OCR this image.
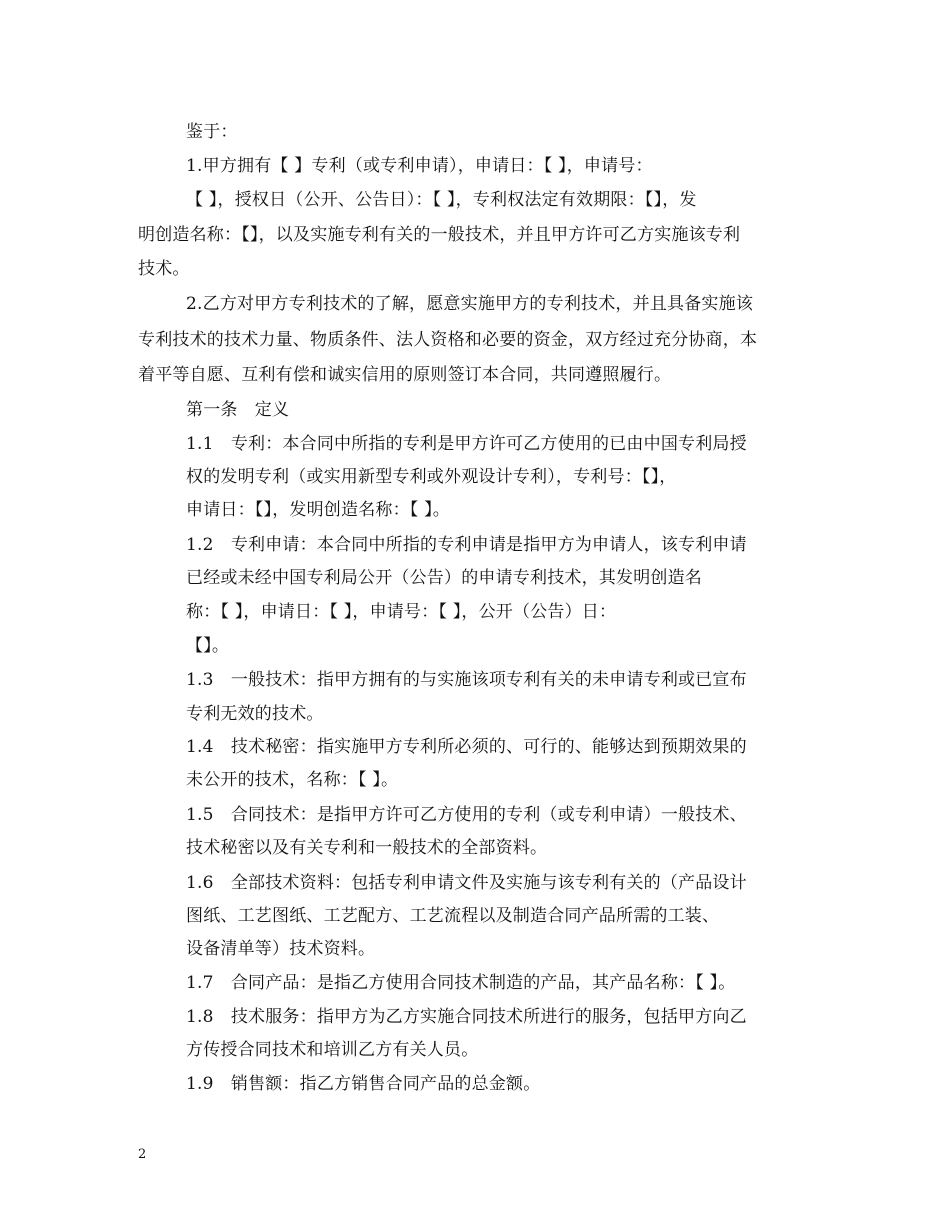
鉴于：
1.甲方拥有【 】专利（或专利申请），申请日：【 】，申请号：
【 】，授权日（公开、公告日）：【 】，专利权法定有效期限：【】，发
明创造名称：【】，以及实施专利有关的一般技术，并且甲方许可乙方实施该专利
技术。
2.乙方对甲方专利技术的了解，愿意实施甲方的专利技术，并且具备实施该
专利技术的技术力量、物质条件、法人资格和必要的资金，双方经过充分协商，本
着平等自愿、互利有偿和诚实信用的原则签订本合同，共同遵照履行。
第一条　定义
1.1　专利：本合同中所指的专利是甲方许可乙方使用的已由中国专利局授
权的发明专利（或实用新型专利或外观设计专利），专利号：【】，
申请日：【】，发明创造名称：【 】。
1.2　专利申请：本合同中所指的专利申请是指甲方为申请人，该专利申请
已经或未经中国专利局公开（公告）的申请专利技术，其发明创造名
称：【 】，申请日：【 】，申请号：【 】，公开（公告）日：
【】。
1.3　一般技术：指甲方拥有的与实施该项专利有关的未申请专利或已宣布
专利无效的技术。
1.4　技术秘密：指实施甲方专利所必须的、可行的、能够达到预期效果的
未公开的技术，名称：【 】。
1.5　合同技术：是指甲方许可乙方使用的专利（或专利申请）一般技术、
技术秘密以及有关专利和一般技术的全部资料。
1.6　全部技术资料：包括专利申请文件及实施与该专利有关的（产品设计
图纸、工艺图纸、工艺配方、工艺流程以及制造合同产品所需的工装、
设备清单等）技术资料。
1.7　合同产品：是指乙方使用合同技术制造的产品，其产品名称：【 】。
1.8　技术服务：指甲方为乙方实施合同技术所进行的服务，包括甲方向乙
方传授合同技术和培训乙方有关人员。
1.9　销售额：指乙方销售合同产品的总金额。
2
